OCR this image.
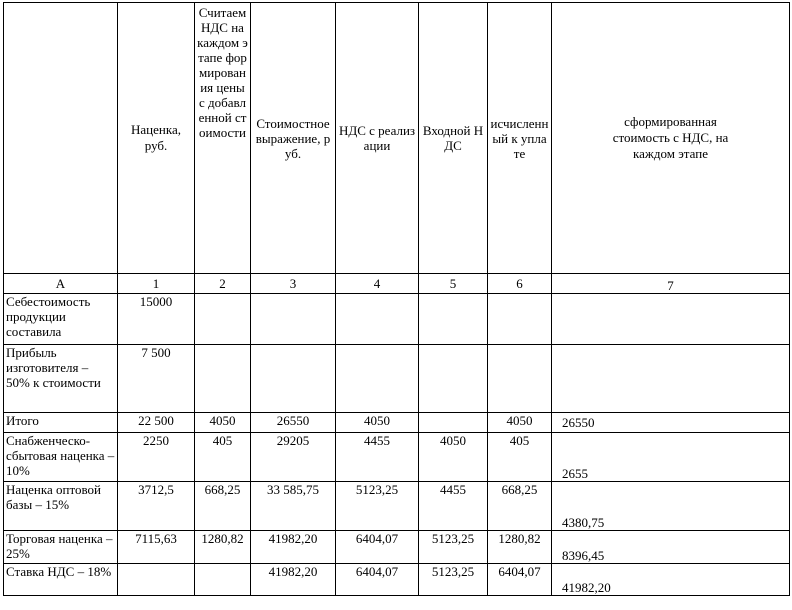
	Наценка, руб.	Считаем НДС на каждом этапе формирования цены с добавленной стоимости	Стоимостное выражение, руб.	НДС с реализации	Входной НДС	исчисленный к уплате	сформированная стоимость с НДС, на каждом этапе
А	1	2	3	4	5	6	7
Себестоимость продукции составила	15000						
Прибыль изготовителя – 50% к стоимости	7 500						
Итого	22 500	4050	26550	4050		4050	26550
Снабженческо-сбытовая наценка – 10%	2250	405	29205	4455	4050	405	2655
Наценка оптовой базы – 15%	3712,5	668,25	33 585,75	5123,25	4455	668,25	4380,75
Торговая наценка – 25%	7115,63	1280,82	41982,20	6404,07	5123,25	1280,82	8396,45
Ставка НДС – 18%			41982,20	6404,07	5123,25	6404,07	41982,20
